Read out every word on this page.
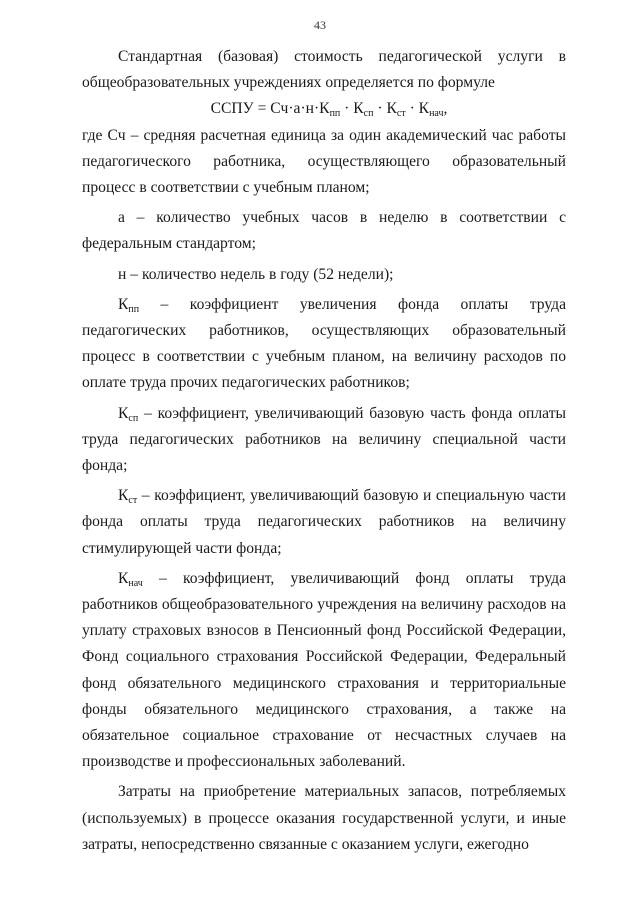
43

Стандартная (базовая) стоимость педагогической услуги в общеобразовательных учреждениях определяется по формуле

ССПУ = $Сч\cdot а\cdot н\cdot К_{пп} \cdot К_{сп} \cdot К_{ст} \cdot К_{нач}$,

где Сч – средняя расчетная единица за один академический час работы педагогического работника, осуществляющего образовательный процесс в соответствии с учебным планом;

а – количество учебных часов в неделю в соответствии с федеральным стандартом;

н – количество недель в году (52 недели);

$К_{пп}$ – коэффициент увеличения фонда оплаты труда педагогических работников, осуществляющих образовательный процесс в соответствии с учебным планом, на величину расходов по оплате труда прочих педагогических работников;

$К_{сп}$ – коэффициент, увеличивающий базовую часть фонда оплаты труда педагогических работников на величину специальной части фонда;

$К_{ст}$ – коэффициент, увеличивающий базовую и специальную части фонда оплаты труда педагогических работников на величину стимулирующей части фонда;

$К_{нач}$ – коэффициент, увеличивающий фонд оплаты труда работников общеобразовательного учреждения на величину расходов на уплату страховых взносов в Пенсионный фонд Российской Федерации, Фонд социального страхования Российской Федерации, Федеральный фонд обязательного медицинского страхования и территориальные фонды обязательного медицинского страхования, а также на обязательное социальное страхование от несчастных случаев на производстве и профессиональных заболеваний.

Затраты на приобретение материальных запасов, потребляемых (используемых) в процессе оказания государственной услуги, и иные затраты, непосредственно связанные с оказанием услуги, ежегодно
